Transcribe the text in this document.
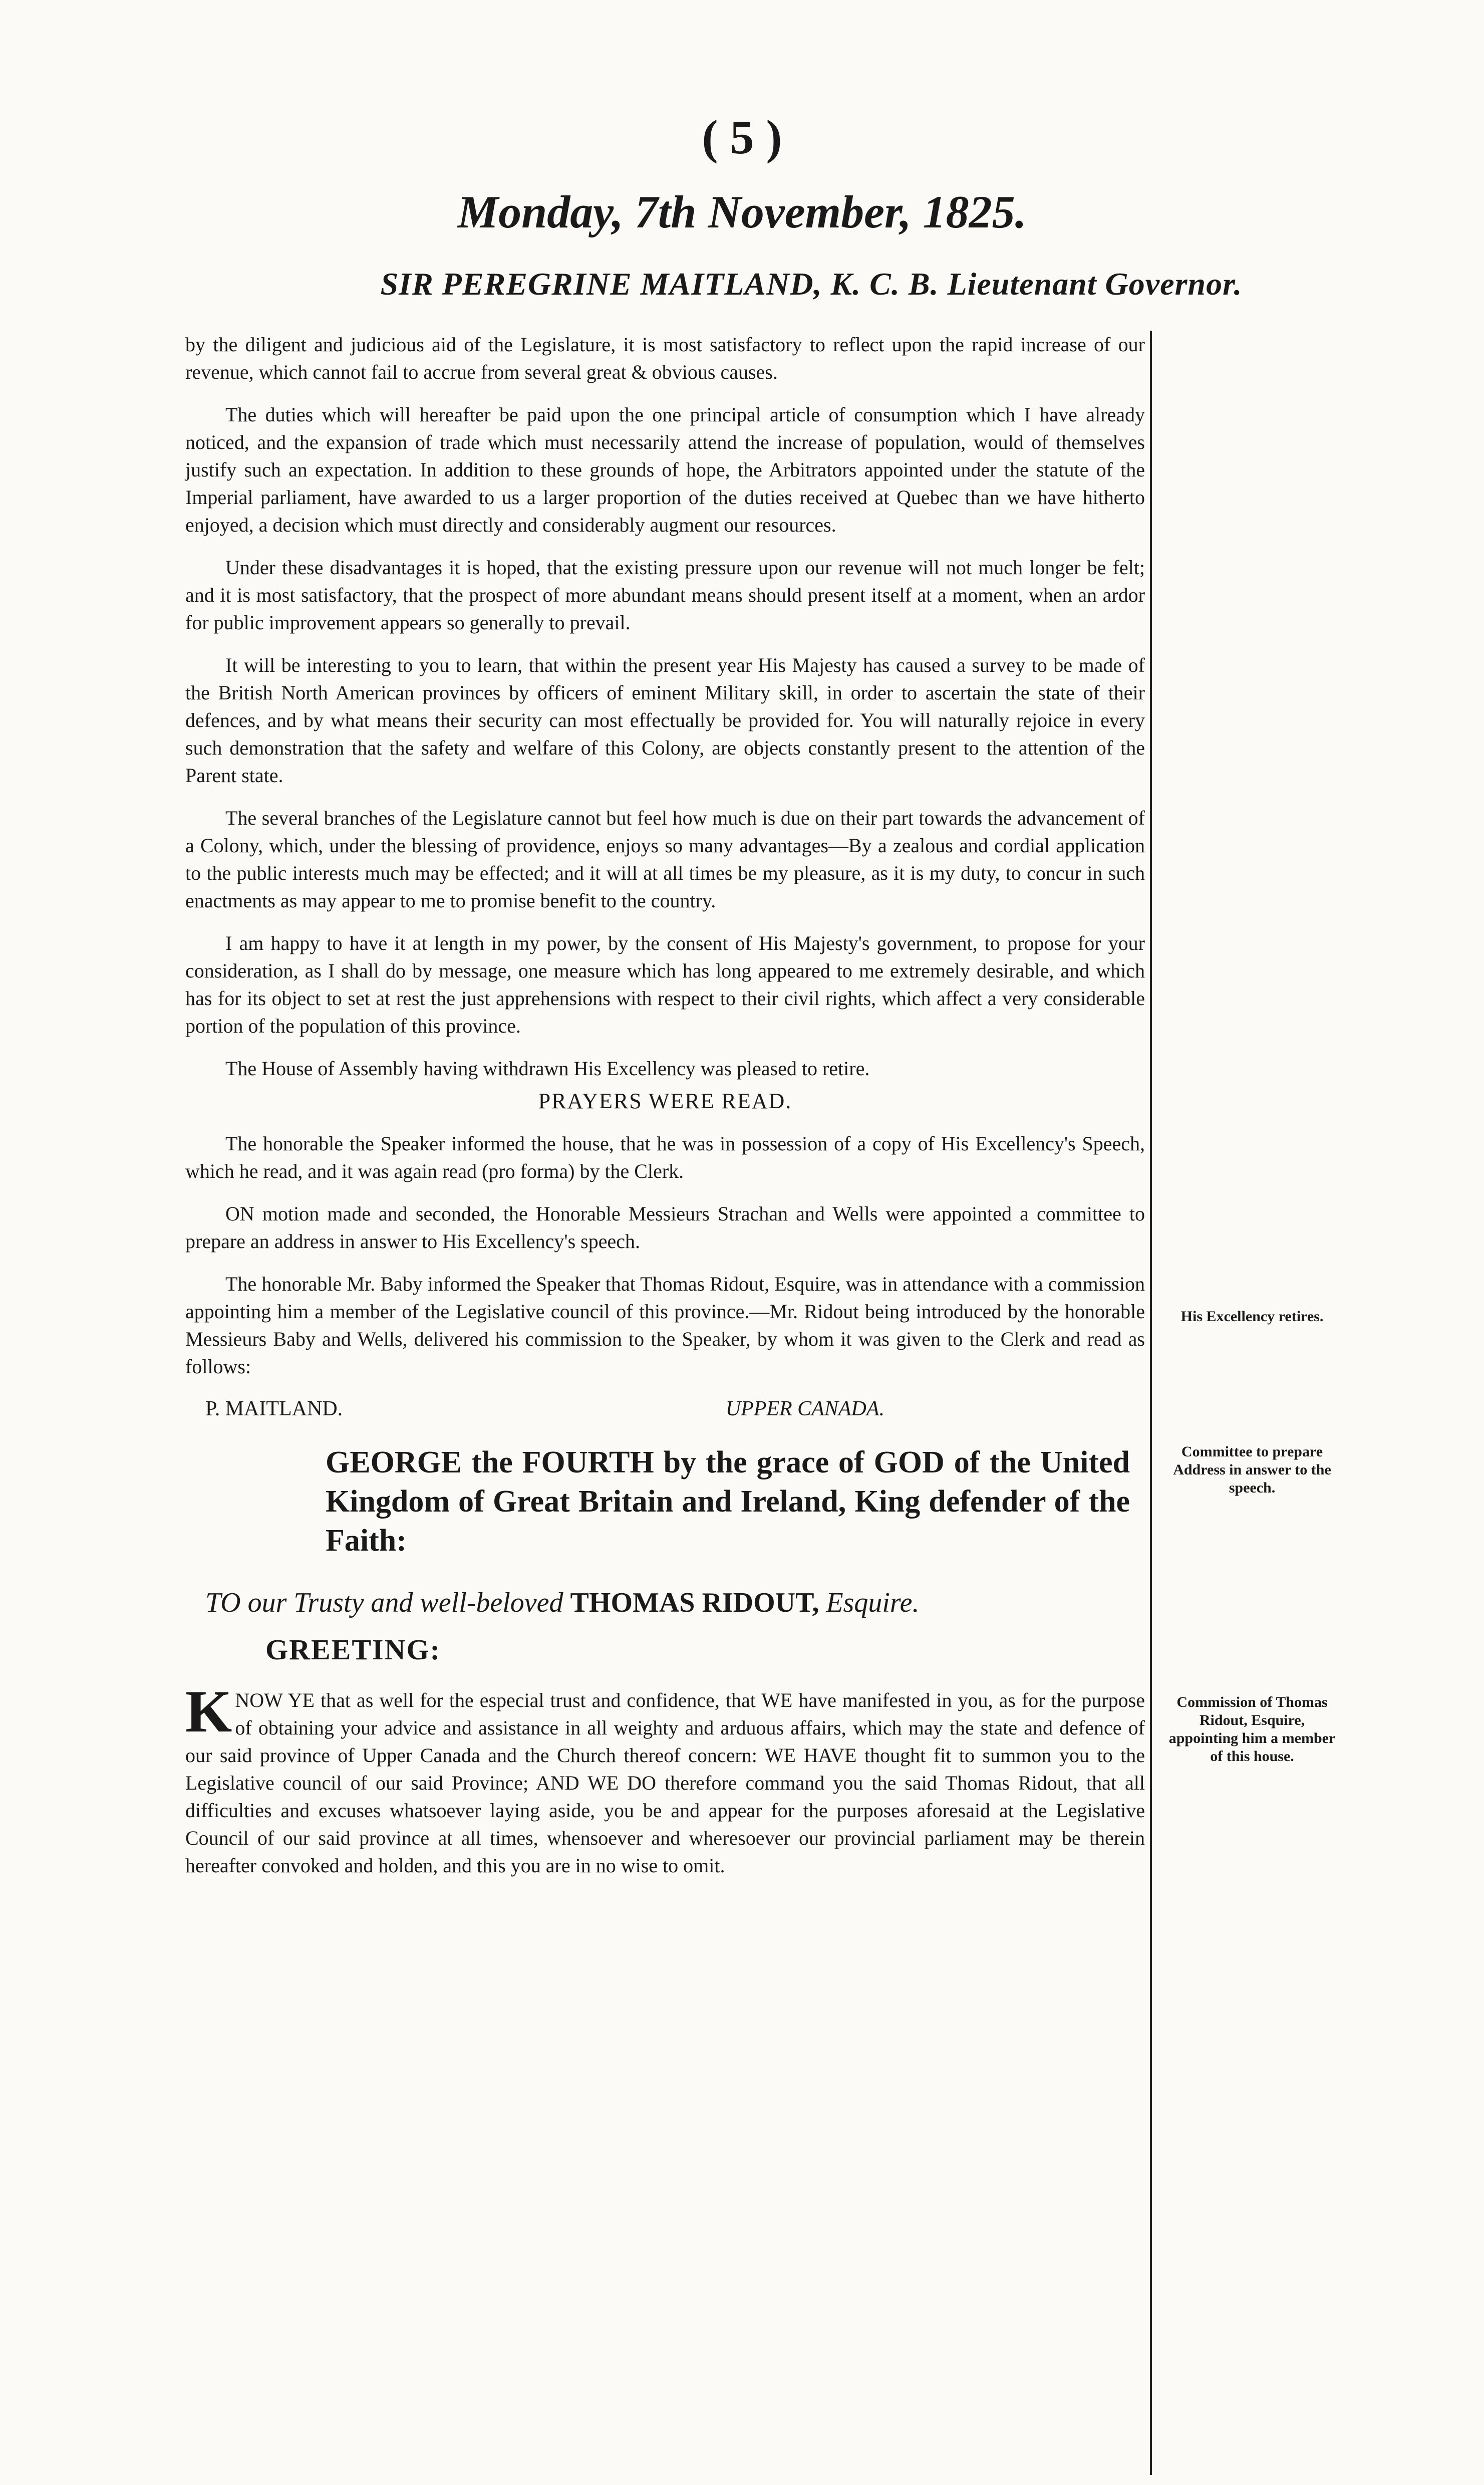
( 5 )
Monday, 7th November, 1825.
SIR PEREGRINE MAITLAND, K. C. B. Lieutenant Governor.

by the diligent and judicious aid of the Legislature, it is most satisfactory to reflect upon the rapid increase of our revenue, which cannot fail to accrue from several great & obvious causes.

The duties which will hereafter be paid upon the one principal article of consumption which I have already noticed, and the expansion of trade which must necessarily attend the increase of population, would of themselves justify such an expectation. In addition to these grounds of hope, the Arbitrators appointed under the statute of the Imperial parliament, have awarded to us a larger proportion of the duties received at Quebec than we have hitherto enjoyed, a decision which must directly and considerably augment our resources.

Under these disadvantages it is hoped, that the existing pressure upon our revenue will not much longer be felt; and it is most satisfactory, that the prospect of more abundant means should present itself at a moment, when an ardor for public improvement appears so generally to prevail.

It will be interesting to you to learn, that within the present year His Majesty has caused a survey to be made of the British North American provinces by officers of eminent Military skill, in order to ascertain the state of their defences, and by what means their security can most effectually be provided for. You will naturally rejoice in every such demonstration that the safety and welfare of this Colony, are objects constantly present to the attention of the Parent state.

The several branches of the Legislature cannot but feel how much is due on their part towards the advancement of a Colony, which, under the blessing of providence, enjoys so many advantages—By a zealous and cordial application to the public interests much may be effected; and it will at all times be my pleasure, as it is my duty, to concur in such enactments as may appear to me to promise benefit to the country.

I am happy to have it at length in my power, by the consent of His Majesty's government, to propose for your consideration, as I shall do by message, one measure which has long appeared to me extremely desirable, and which has for its object to set at rest the just apprehensions with respect to their civil rights, which affect a very considerable portion of the population of this province.

The House of Assembly having withdrawn His Excellency was pleased to retire.

PRAYERS WERE READ.

The honorable the Speaker informed the house, that he was in possession of a copy of His Excellency's Speech, which he read, and it was again read (pro forma) by the Clerk.

ON motion made and seconded, the Honorable Messieurs Strachan and Wells were appointed a committee to prepare an address in answer to His Excellency's speech.

The honorable Mr. Baby informed the Speaker that Thomas Ridout, Esquire, was in attendance with a commission appointing him a member of the Legislative council of this province.—Mr. Ridout being introduced by the honorable Messieurs Baby and Wells, delivered his commission to the Speaker, by whom it was given to the Clerk and read as follows:

P. MAITLAND.	UPPER CANADA.
GEORGE the FOURTH by the grace of GOD of the United Kingdom of Great Britain and Ireland, King defender of the Faith:
TO our Trusty and well-beloved THOMAS RIDOUT, Esquire.
GREETING:

KNOW YE that as well for the especial trust and confidence, that WE have manifested in you, as for the purpose of obtaining your advice and assistance in all weighty and arduous affairs, which may the state and defence of our said province of Upper Canada and the Church thereof concern: WE HAVE thought fit to summon you to the Legislative council of our said Province; AND WE DO therefore command you the said Thomas Ridout, that all difficulties and excuses whatsoever laying aside, you be and appear for the purposes aforesaid at the Legislative Council of our said province at all times, whensoever and wheresoever our provincial parliament may be therein hereafter convoked and holden, and this you are in no wise to omit.

His Excellency retires.
Committee to prepare Address in answer to the speech.
Commission of Thomas Ridout, Esquire, appointing him a member of this house.
